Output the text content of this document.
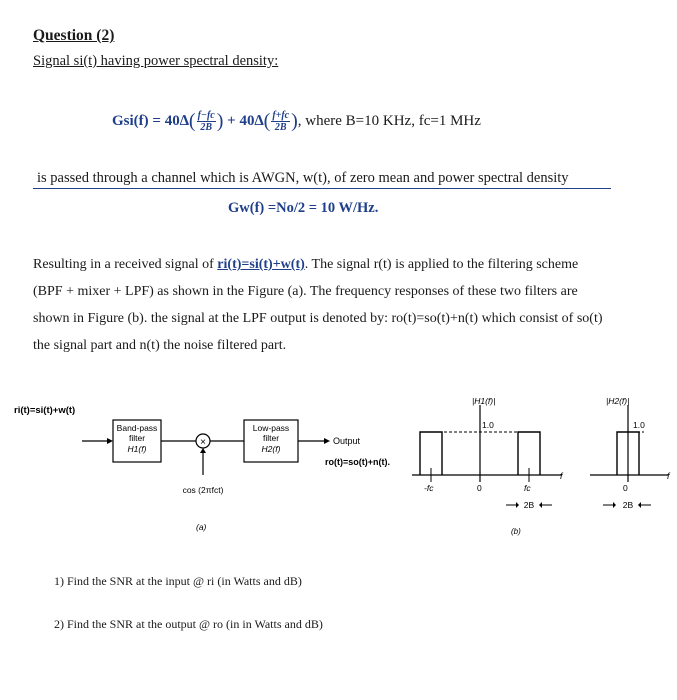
Question (2)
Signal si(t) having power spectral density:
$Gsi(f) = 40\Delta( \frac{f-fc}{2B}) + 40\Delta( \frac{f+fc}{2B})$, where B=10 KHz, fc=1 MHz
is passed through a channel which is AWGN, w(t), of zero mean and power spectral density
Gw(f) =No/2 = 10 W/Hz.
Resulting in a received signal of ri(t)=si(t)+w(t). The signal r(t) is applied to the filtering scheme (BPF + mixer + LPF) as shown in the Figure (a). The frequency responses of these two filters are shown in Figure (b). the signal at the LPF output is denoted by: ro(t)=so(t)+n(t) which consist of so(t) the signal part and n(t) the noise filtered part.
ri(t)=si(t)+w(t)
Band-pass
filter
H1(f)
×
cos (2πfct)
Low-pass
filter
H2(f)
Output
ro(t)=so(t)+n(t).
(a)
|H1(f)|
f
1.0
-fc	0	fc
2B
(b)
|H2(f)|
f
1.0
0
2B
1) Find the SNR at the input @ ri (in Watts and dB)
2) Find the SNR at the output @ ro (in in Watts and dB)
